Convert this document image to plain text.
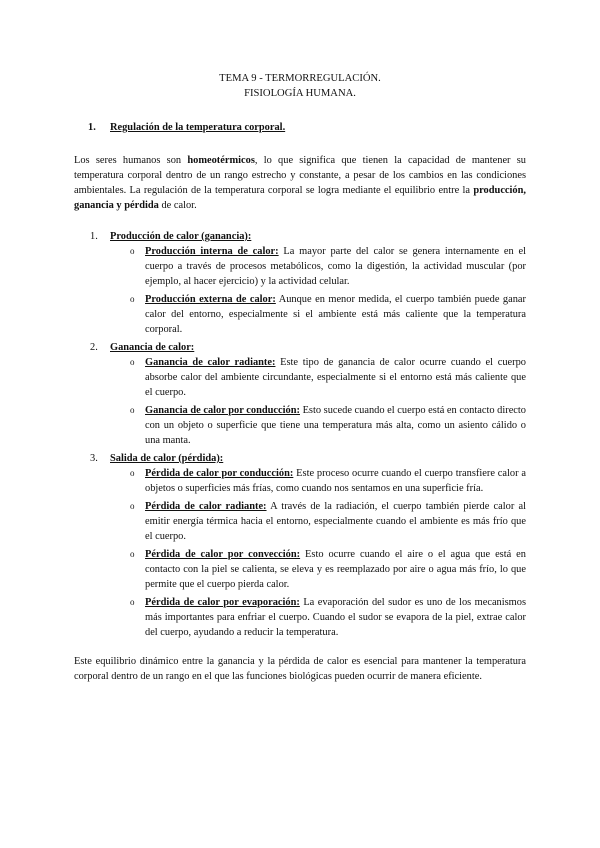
TEMA 9 - TERMORREGULACIÓN.
FISIOLOGÍA HUMANA.
1. Regulación de la temperatura corporal.

Los seres humanos son homeotérmicos, lo que significa que tienen la capacidad de mantener su temperatura corporal dentro de un rango estrecho y constante, a pesar de los cambios en las condiciones ambientales. La regulación de la temperatura corporal se logra mediante el equilibrio entre la producción, ganancia y pérdida de calor.

1. Producción de calor (ganancia):
o Producción interna de calor: La mayor parte del calor se genera internamente en el cuerpo a través de procesos metabólicos, como la digestión, la actividad muscular (por ejemplo, al hacer ejercicio) y la actividad celular.
o Producción externa de calor: Aunque en menor medida, el cuerpo también puede ganar calor del entorno, especialmente si el ambiente está más caliente que la temperatura corporal.
2. Ganancia de calor:
o Ganancia de calor radiante: Este tipo de ganancia de calor ocurre cuando el cuerpo absorbe calor del ambiente circundante, especialmente si el entorno está más caliente que el cuerpo.
o Ganancia de calor por conducción: Esto sucede cuando el cuerpo está en contacto directo con un objeto o superficie que tiene una temperatura más alta, como un asiento cálido o una manta.
3. Salida de calor (pérdida):
o Pérdida de calor por conducción: Este proceso ocurre cuando el cuerpo transfiere calor a objetos o superficies más frías, como cuando nos sentamos en una superficie fría.
o Pérdida de calor radiante: A través de la radiación, el cuerpo también pierde calor al emitir energía térmica hacia el entorno, especialmente cuando el ambiente es más frío que el cuerpo.
o Pérdida de calor por convección: Esto ocurre cuando el aire o el agua que está en contacto con la piel se calienta, se eleva y es reemplazado por aire o agua más frío, lo que permite que el cuerpo pierda calor.
o Pérdida de calor por evaporación: La evaporación del sudor es uno de los mecanismos más importantes para enfriar el cuerpo. Cuando el sudor se evapora de la piel, extrae calor del cuerpo, ayudando a reducir la temperatura.

Este equilibrio dinámico entre la ganancia y la pérdida de calor es esencial para mantener la temperatura corporal dentro de un rango en el que las funciones biológicas pueden ocurrir de manera eficiente.
